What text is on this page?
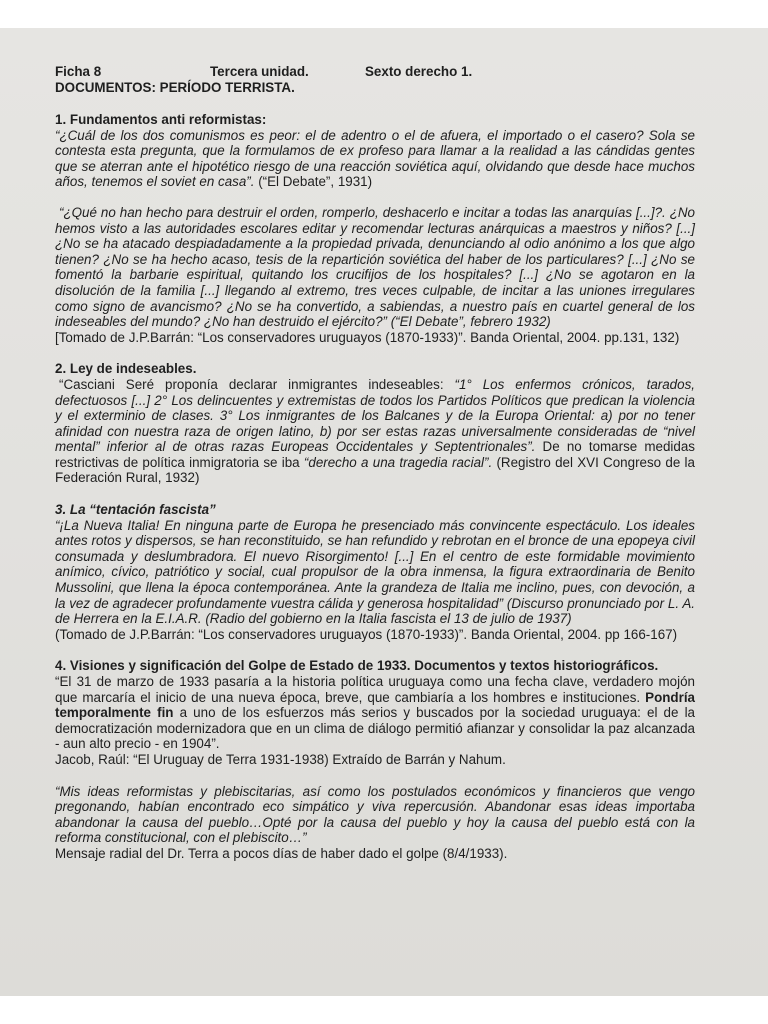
Ficha 8	Tercera unidad.	Sexto derecho 1.
DOCUMENTOS: PERÍODO TERRISTA.

1. Fundamentos anti reformistas:

“¿Cuál de los dos comunismos es peor: el de adentro o el de afuera, el importado o el casero? Sola se contesta esta pregunta, que la formulamos de ex profeso para llamar a la realidad a las cándidas gentes que se aterran ante el hipotético riesgo de una reacción soviética aquí, olvidando que desde hace muchos años, tenemos el soviet en casa”. (“El Debate”, 1931)

“¿Qué no han hecho para destruir el orden, romperlo, deshacerlo e incitar a todas las anarquías [...]?. ¿No hemos visto a las autoridades escolares editar y recomendar lecturas anárquicas a maestros y niños? [...] ¿No se ha atacado despiadadamente a la propiedad privada, denunciando al odio anónimo a los que algo tienen? ¿No se ha hecho acaso, tesis de la repartición soviética del haber de los particulares? [...] ¿No se fomentó la barbarie espiritual, quitando los crucifijos de los hospitales? [...] ¿No se agotaron en la disolución de la familia [...] llegando al extremo, tres veces culpable, de incitar a las uniones irregulares como signo de avancismo? ¿No se ha convertido, a sabiendas, a nuestro país en cuartel general de los indeseables del mundo? ¿No han destruido el ejército?” (“El Debate”, febrero 1932)

[Tomado de J.P.Barrán: “Los conservadores uruguayos (1870-1933)”. Banda Oriental, 2004. pp.131, 132)

2. Ley de indeseables.

“Casciani Seré proponía declarar inmigrantes indeseables: “1° Los enfermos crónicos, tarados, defectuosos [...] 2° Los delincuentes y extremistas de todos los Partidos Políticos que predican la violencia y el exterminio de clases. 3° Los inmigrantes de los Balcanes y de la Europa Oriental: a) por no tener afinidad con nuestra raza de origen latino, b) por ser estas razas universalmente consideradas de “nivel mental” inferior al de otras razas Europeas Occidentales y Septentrionales”. De no tomarse medidas restrictivas de política inmigratoria se iba “derecho a una tragedia racial”. (Registro del XVI Congreso de la Federación Rural, 1932)

3. La “tentación fascista”

“¡La Nueva Italia! En ninguna parte de Europa he presenciado más convincente espectáculo. Los ideales antes rotos y dispersos, se han reconstituido, se han refundido y rebrotan en el bronce de una epopeya civil consumada y deslumbradora. El nuevo Risorgimento! [...] En el centro de este formidable movimiento anímico, cívico, patriótico y social, cual propulsor de la obra inmensa, la figura extraordinaria de Benito Mussolini, que llena la época contemporánea. Ante la grandeza de Italia me inclino, pues, con devoción, a la vez de agradecer profundamente vuestra cálida y generosa hospitalidad” (Discurso pronunciado por L. A. de Herrera en la E.I.A.R. (Radio del gobierno en la Italia fascista el 13 de julio de 1937)

(Tomado de J.P.Barrán: “Los conservadores uruguayos (1870-1933)”. Banda Oriental, 2004. pp 166-167)

4. Visiones y significación del Golpe de Estado de 1933. Documentos y textos historiográficos.

“El 31 de marzo de 1933 pasaría a la historia política uruguaya como una fecha clave, verdadero mojón que marcaría el inicio de una nueva época, breve, que cambiaría a los hombres e instituciones. Pondría temporalmente fin a uno de los esfuerzos más serios y buscados por la sociedad uruguaya: el de la democratización modernizadora que en un clima de diálogo permitió afianzar y consolidar la paz alcanzada - aun alto precio - en 1904”.

Jacob, Raúl: “El Uruguay de Terra 1931-1938) Extraído de Barrán y Nahum.

“Mis ideas reformistas y plebiscitarias, así como los postulados económicos y financieros que vengo pregonando, habían encontrado eco simpático y viva repercusión. Abandonar esas ideas importaba abandonar la causa del pueblo…Opté por la causa del pueblo y hoy la causa del pueblo está con la reforma constitucional, con el plebiscito…”

Mensaje radial del Dr. Terra a pocos días de haber dado el golpe (8/4/1933).
